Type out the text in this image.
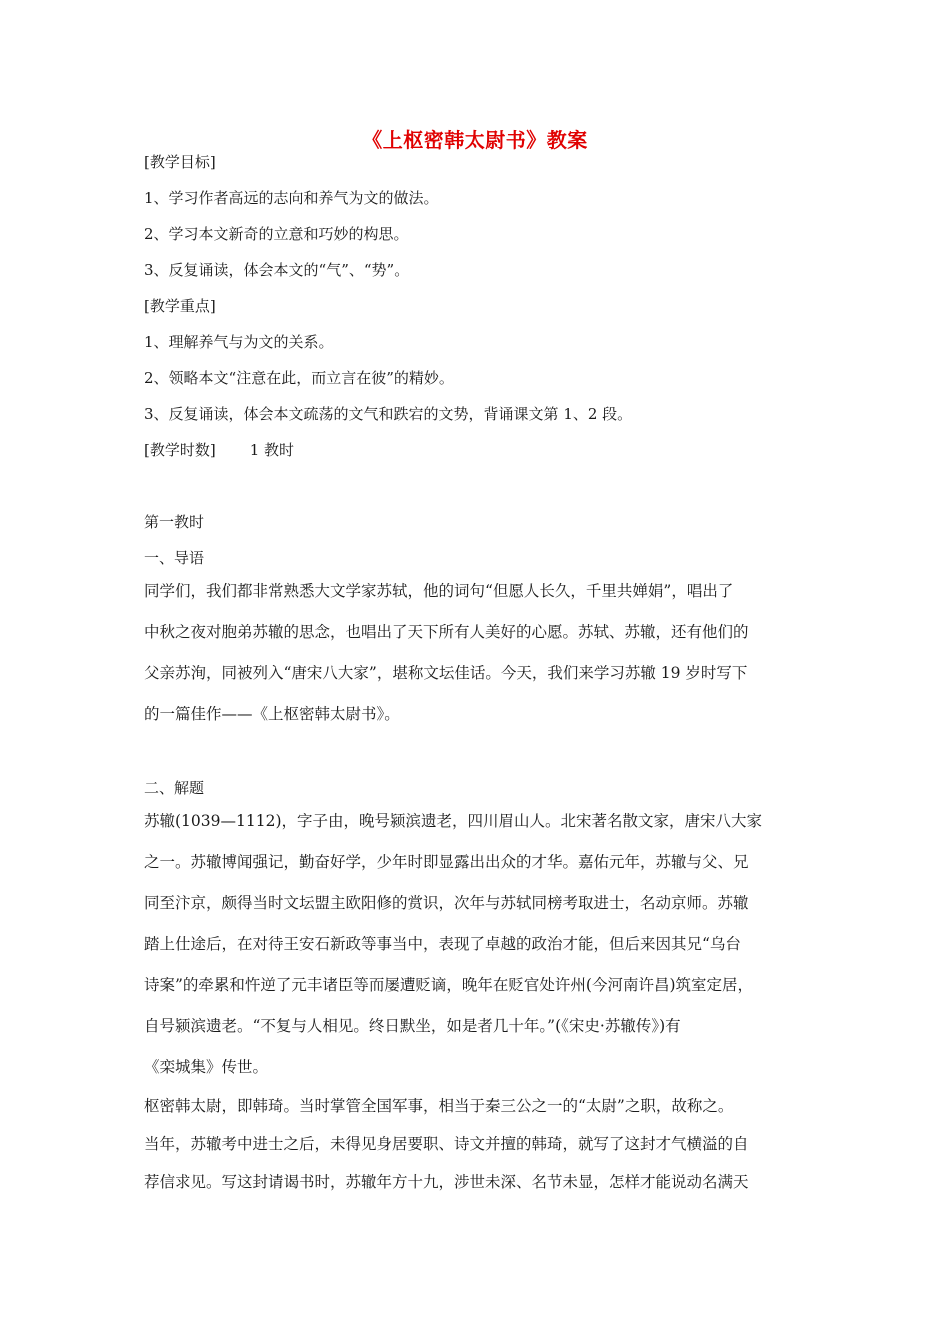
《上枢密韩太尉书》教案
[教学目标]
1、学习作者高远的志向和养气为文的做法。
2、学习本文新奇的立意和巧妙的构思。
3、反复诵读，体会本文的“气”、“势”。
[教学重点]
1、理解养气与为文的关系。
2、领略本文“注意在此，而立言在彼”的精妙。
3、反复诵读，体会本文疏荡的文气和跌宕的文势，背诵课文第 1、2 段。
[教学时数] 1 教时
第一教时
一、导语

同学们，我们都非常熟悉大文学家苏轼，他的词句“但愿人长久，千里共婵娟”，唱出了

中秋之夜对胞弟苏辙的思念，也唱出了天下所有人美好的心愿。苏轼、苏辙，还有他们的

父亲苏洵，同被列入“唐宋八大家”，堪称文坛佳话。今天，我们来学习苏辙 19 岁时写下

的一篇佳作——《上枢密韩太尉书》。

二、解题

苏辙(1039—1112)，字子由，晚号颍滨遗老，四川眉山人。北宋著名散文家，唐宋八大家

之一。苏辙博闻强记，勤奋好学，少年时即显露出出众的才华。嘉佑元年，苏辙与父、兄

同至汴京，颇得当时文坛盟主欧阳修的赏识，次年与苏轼同榜考取进士，名动京师。苏辙

踏上仕途后，在对待王安石新政等事当中，表现了卓越的政治才能，但后来因其兄“乌台

诗案”的牵累和忤逆了元丰诸臣等而屡遭贬谪，晚年在贬官处许州(今河南许昌)筑室定居，

自号颍滨遗老。“不复与人相见。终日默坐，如是者几十年。”(《宋史·苏辙传》)有

《栾城集》传世。

枢密韩太尉，即韩琦。当时掌管全国军事，相当于秦三公之一的“太尉”之职，故称之。

当年，苏辙考中进士之后，未得见身居要职、诗文并擅的韩琦，就写了这封才气横溢的自

荐信求见。写这封请谒书时，苏辙年方十九，涉世未深、名节未显，怎样才能说动名满天
